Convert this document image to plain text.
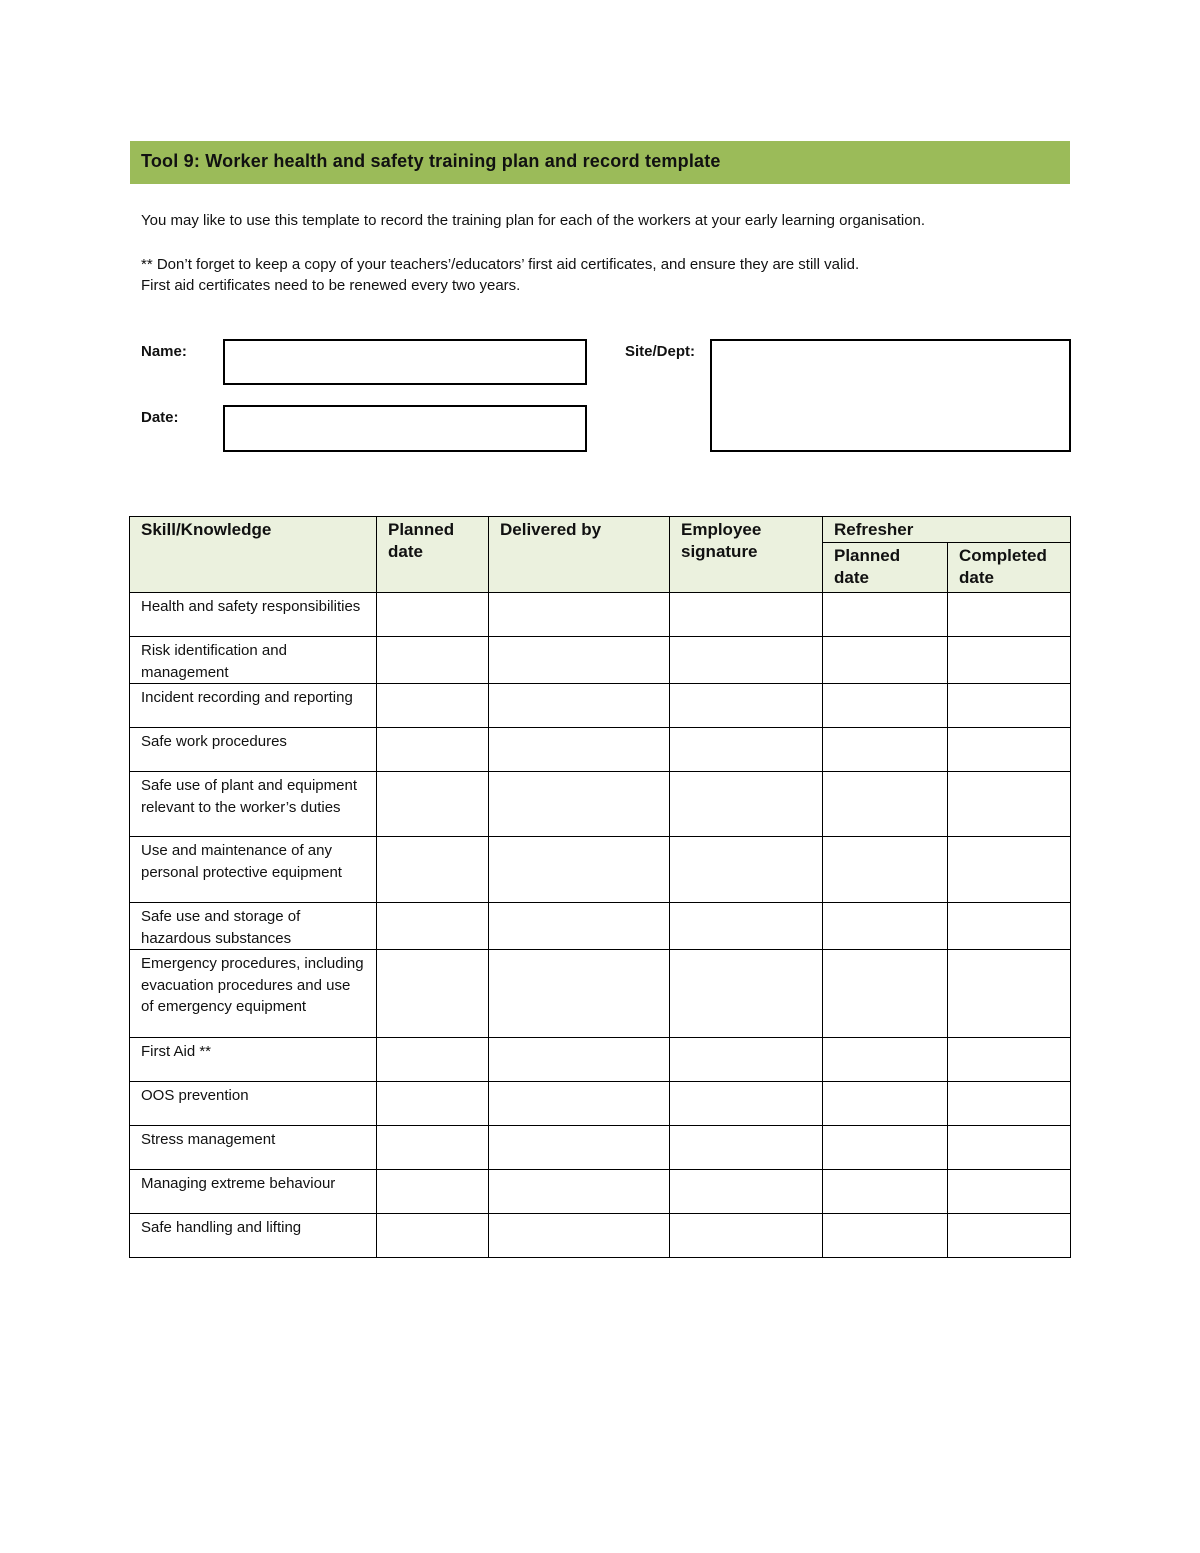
Tool 9: Worker health and safety training plan and record template
You may like to use this template to record the training plan for each of the workers at your early learning organisation.
** Don’t forget to keep a copy of your teachers’/educators’ first aid certificates, and ensure they are still valid.
First aid certificates need to be renewed every two years.
Name:
Date:
Site/Dept:
Skill/Knowledge	Planned date	Delivered by	Employee signature	Refresher	
				Planned date	Completed date
Health and safety responsibilities					
Risk identification and management					
Incident recording and reporting					
Safe work procedures					
Safe use of plant and equipment relevant to the worker’s duties					
Use and maintenance of any personal protective equipment					
Safe use and storage of hazardous substances					
Emergency procedures, including evacuation procedures and use of emergency equipment					
First Aid **					
OOS prevention					
Stress management					
Managing extreme behaviour					
Safe handling and lifting					
